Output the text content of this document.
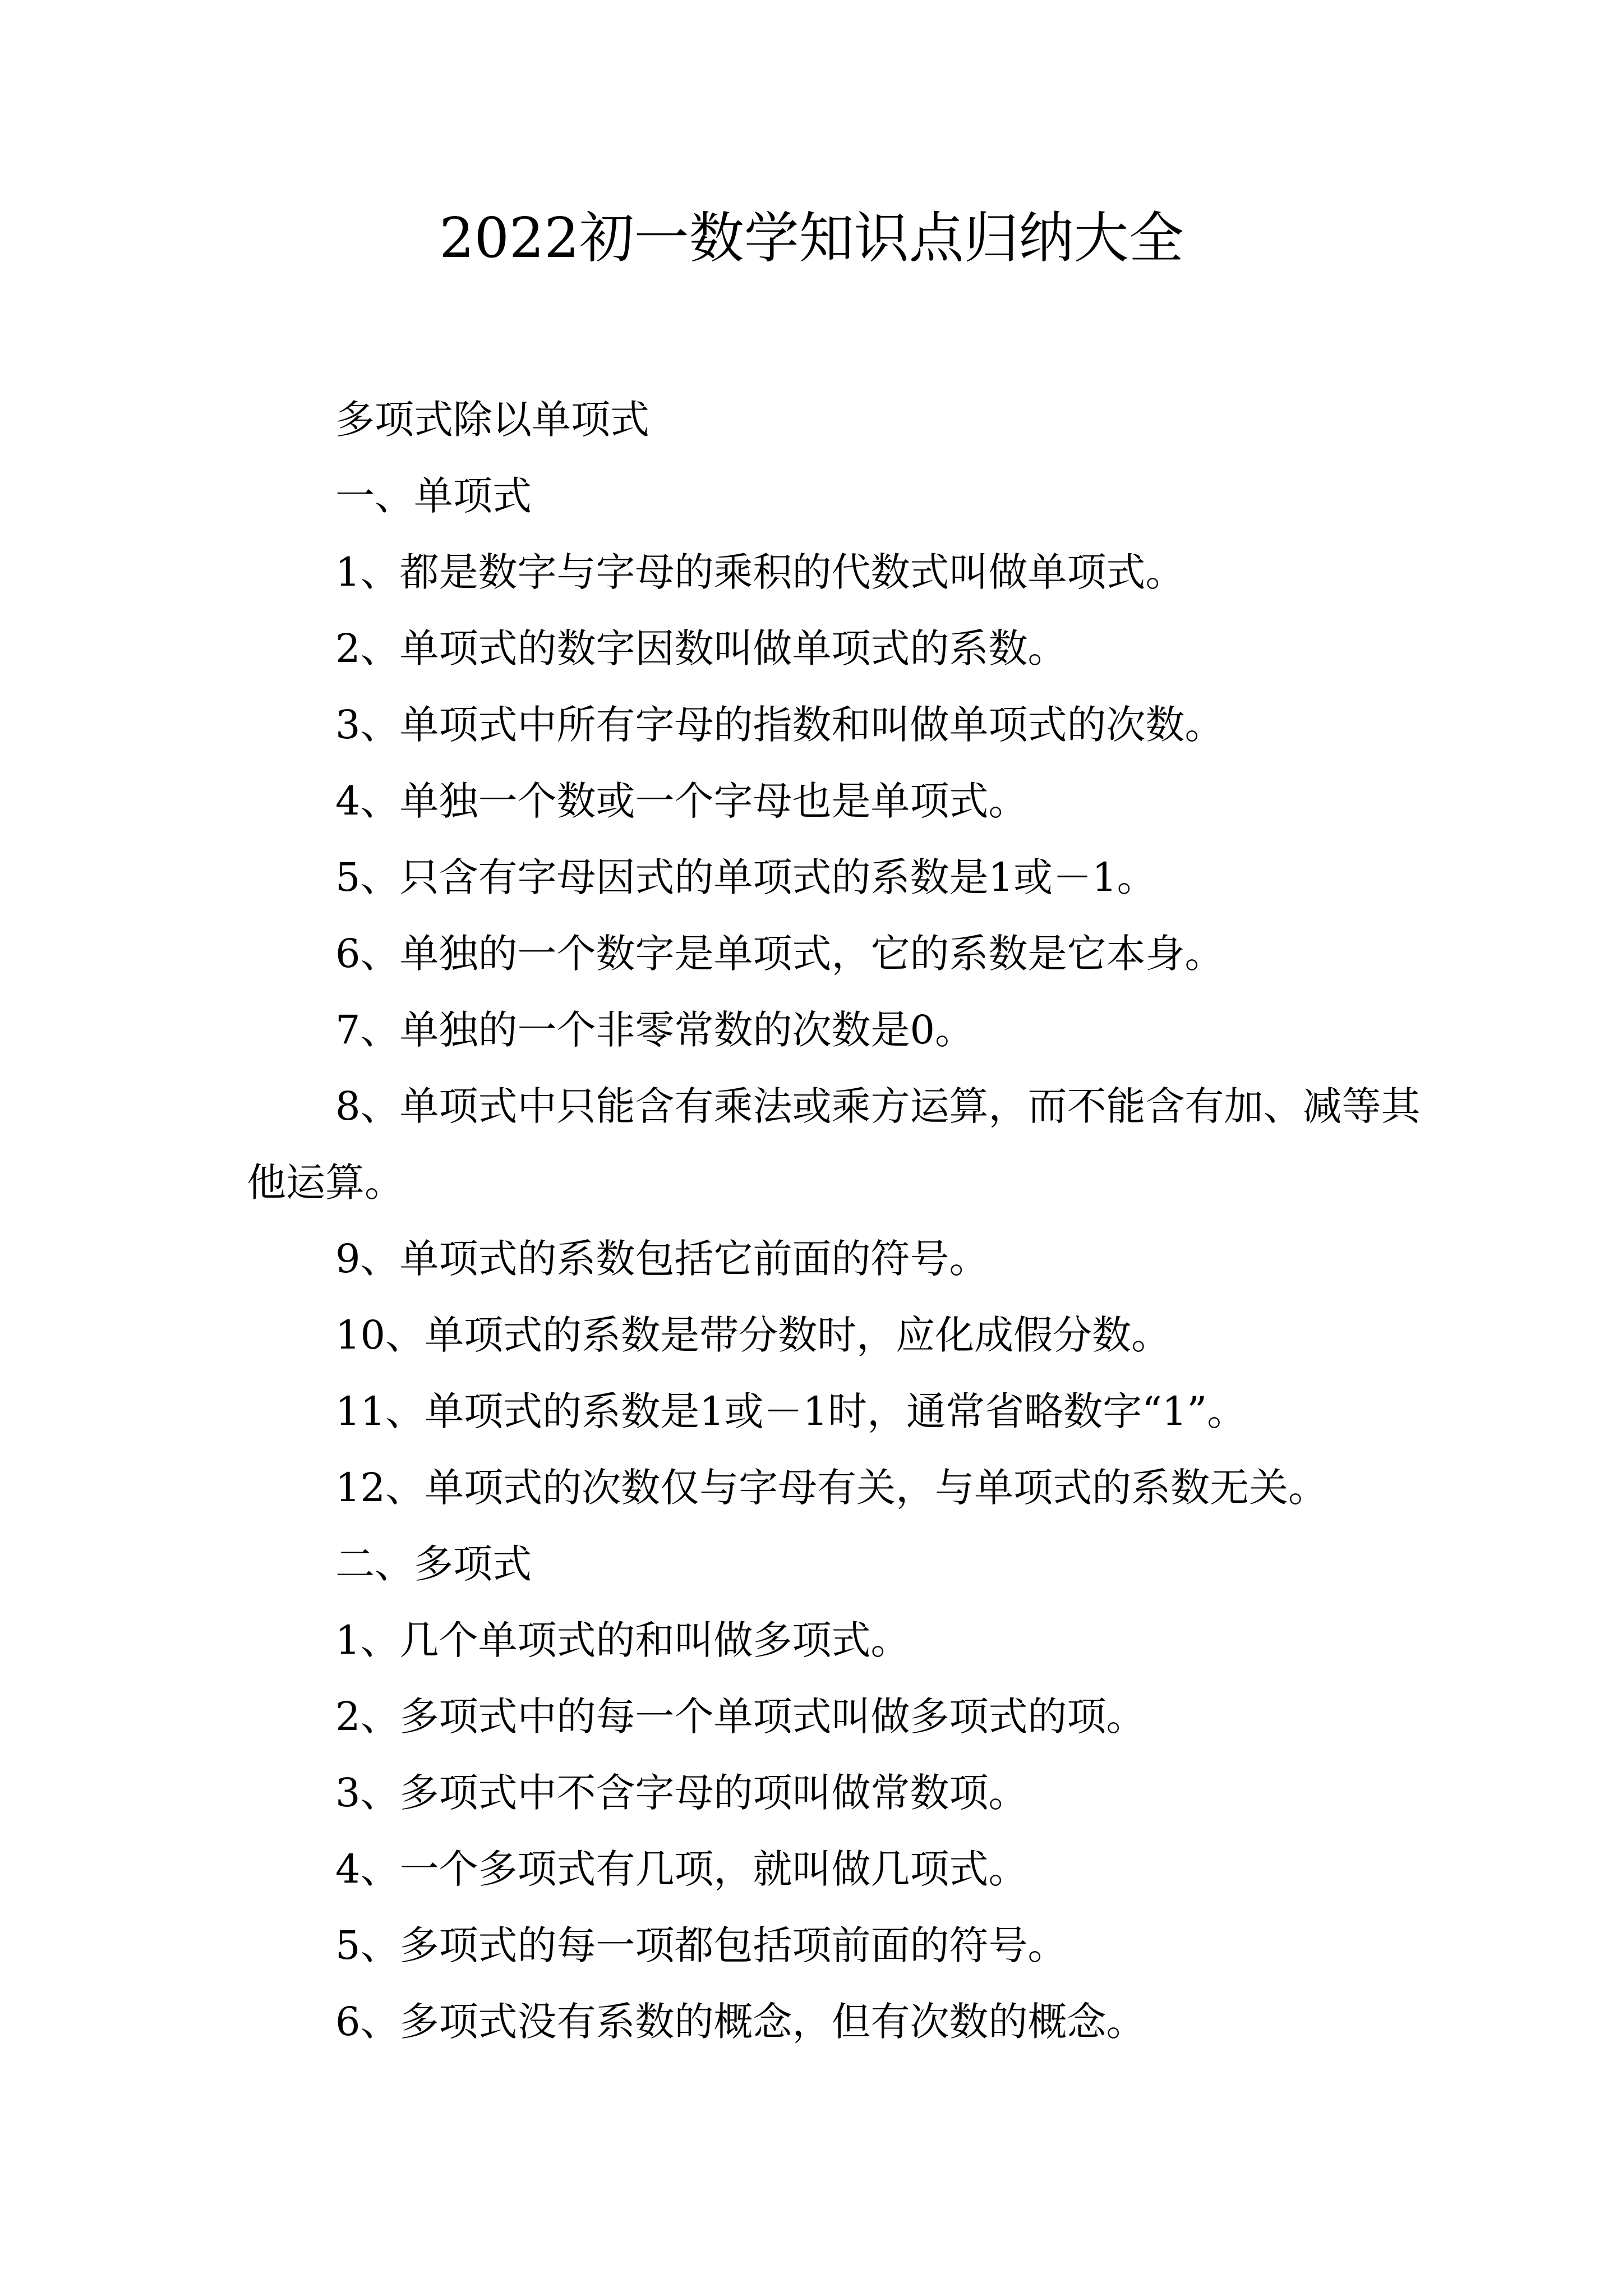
2022初一数学知识点归纳大全

多项式除以单项式

一、单项式

1、都是数字与字母的乘积的代数式叫做单项式。

2、单项式的数字因数叫做单项式的系数。

3、单项式中所有字母的指数和叫做单项式的次数。

4、单独一个数或一个字母也是单项式。

5、只含有字母因式的单项式的系数是1或－1。

6、单独的一个数字是单项式，它的系数是它本身。

7、单独的一个非零常数的次数是0。

8、单项式中只能含有乘法或乘方运算，而不能含有加、减等其他运算。

9、单项式的系数包括它前面的符号。

10、单项式的系数是带分数时，应化成假分数。

11、单项式的系数是1或－1时，通常省略数字“1”。

12、单项式的次数仅与字母有关，与单项式的系数无关。

二、多项式

1、几个单项式的和叫做多项式。

2、多项式中的每一个单项式叫做多项式的项。

3、多项式中不含字母的项叫做常数项。

4、一个多项式有几项，就叫做几项式。

5、多项式的每一项都包括项前面的符号。

6、多项式没有系数的概念，但有次数的概念。
